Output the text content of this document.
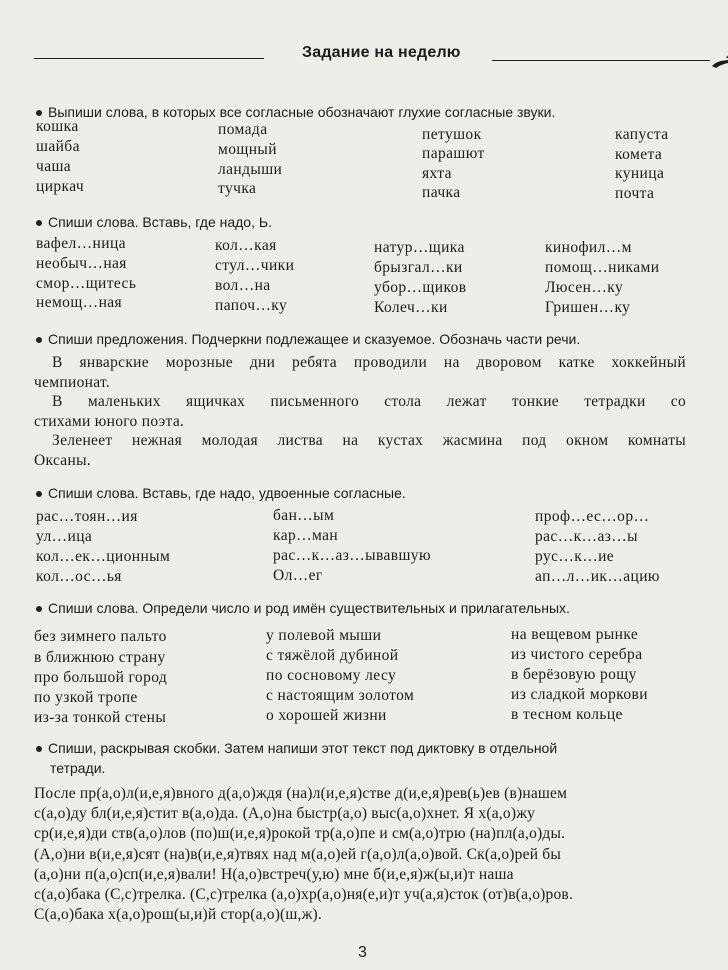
Задание на неделю
Выпиши слова, в которых все согласные обозначают глухие согласные звуки.
кошка
шайба
чаша
циркач
помада
мощный
ландыши
тучка
петушок
парашют
яхта
пачка
капуста
комета
куница
почта
Спиши слова. Вставь, где надо, Ь.
вафел…ница
необыч…ная
смор…щитесь
немощ…ная
кол…кая
стул…чики
вол…на
папоч…ку
натур…щика
брызгал…ки
убор…щиков
Колеч…ки
кинофил…м
помощ…никами
Люсен…ку
Гришен…ку
Спиши предложения. Подчеркни подлежащее и сказуемое. Обозначь части речи.
В январские морозные дни ребята проводили на дворовом катке хоккейный
чемпионат.
В маленьких ящичках письменного стола лежат тонкие тетрадки со
стихами юного поэта.
Зеленеет нежная молодая листва на кустах жасмина под окном комнаты
Оксаны.
Спиши слова. Вставь, где надо, удвоенные согласные.
рас…тоян…ия
ул…ица
кол…ек…ционным
кол…ос…ья
бан…ым
кар…ман
рас…к…аз…ывавшую
Ол…ег
проф…ес…ор…
рас…к…аз…ы
рус…к…ие
ап…л…ик…ацию
Спиши слова. Определи число и род имён существительных и прилагательных.
без зимнего пальто
в ближнюю страну
про большой город
по узкой тропе
из-за тонкой стены
у полевой мыши
с тяжёлой дубиной
по сосновому лесу
с настоящим золотом
о хорошей жизни
на вещевом рынке
из чистого серебра
в берёзовую рощу
из сладкой моркови
в тесном кольце
Спиши, раскрывая скобки. Затем напиши этот текст под диктовку в отдельной
тетради.
После пр(а,о)л(и,е,я)вного д(а,о)ждя (на)л(и,е,я)стве д(и,е,я)рев(ь)ев (в)нашем
с(а,о)ду бл(и,е,я)стит в(а,о)да. (А,о)на быстр(а,о) выс(а,о)хнет. Я х(а,о)жу
ср(и,е,я)ди ств(а,о)лов (по)ш(и,е,я)рокой тр(а,о)пе и см(а,о)трю (на)пл(а,о)ды.
(А,о)ни в(и,е,я)сят (на)в(и,е,я)твях над м(а,о)ей г(а,о)л(а,о)вой. Ск(а,о)рей бы
(а,о)ни п(а,о)сп(и,е,я)вали! Н(а,о)встреч(у,ю) мне б(и,е,я)ж(ы,и)т наша
с(а,о)бака (С,с)трелка. (С,с)трелка (а,о)хр(а,о)ня(е,и)т уч(а,я)сток (от)в(а,о)ров.
С(а,о)бака х(а,о)рош(ы,и)й стор(а,о)(ш,ж).
3
